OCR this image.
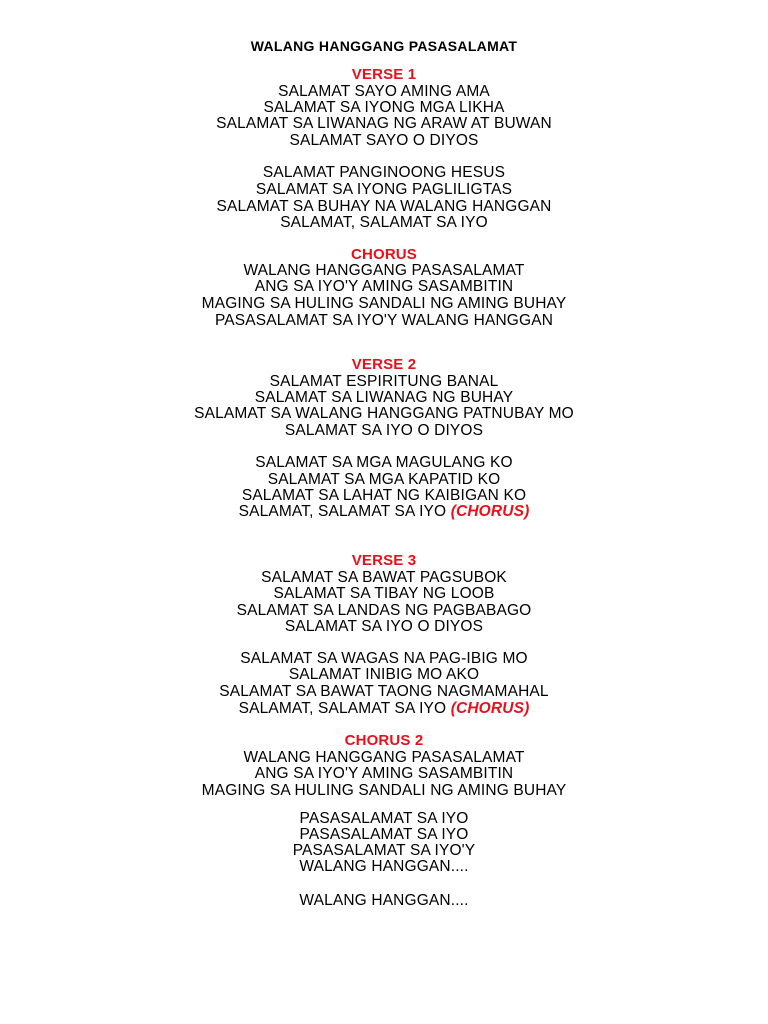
WALANG HANGGANG PASASALAMAT
VERSE 1
SALAMAT SAYO AMING AMA
SALAMAT SA IYONG MGA LIKHA
SALAMAT SA LIWANAG NG ARAW AT BUWAN
SALAMAT SAYO O DIYOS
SALAMAT PANGINOONG HESUS
SALAMAT SA IYONG PAGLILIGTAS
SALAMAT SA BUHAY NA WALANG HANGGAN
SALAMAT, SALAMAT SA IYO
CHORUS
WALANG HANGGANG PASASALAMAT
ANG SA IYO'Y AMING SASAMBITIN
MAGING SA HULING SANDALI NG AMING BUHAY
PASASALAMAT SA IYO'Y WALANG HANGGAN
VERSE 2
SALAMAT ESPIRITUNG BANAL
SALAMAT SA LIWANAG NG BUHAY
SALAMAT SA WALANG HANGGANG PATNUBAY MO
SALAMAT SA IYO O DIYOS
SALAMAT SA MGA MAGULANG KO
SALAMAT SA MGA KAPATID KO
SALAMAT SA LAHAT NG KAIBIGAN KO
SALAMAT, SALAMAT SA IYO (CHORUS)
VERSE 3
SALAMAT SA BAWAT PAGSUBOK
SALAMAT SA TIBAY NG LOOB
SALAMAT SA LANDAS NG PAGBABAGO
SALAMAT SA IYO O DIYOS
SALAMAT SA WAGAS NA PAG-IBIG MO
SALAMAT INIBIG MO AKO
SALAMAT SA BAWAT TAONG NAGMAMAHAL
SALAMAT, SALAMAT SA IYO (CHORUS)
CHORUS 2
WALANG HANGGANG PASASALAMAT
ANG SA IYO'Y AMING SASAMBITIN
MAGING SA HULING SANDALI NG AMING BUHAY
PASASALAMAT SA IYO
PASASALAMAT SA IYO
PASASALAMAT SA IYO'Y
WALANG HANGGAN....
WALANG HANGGAN....
